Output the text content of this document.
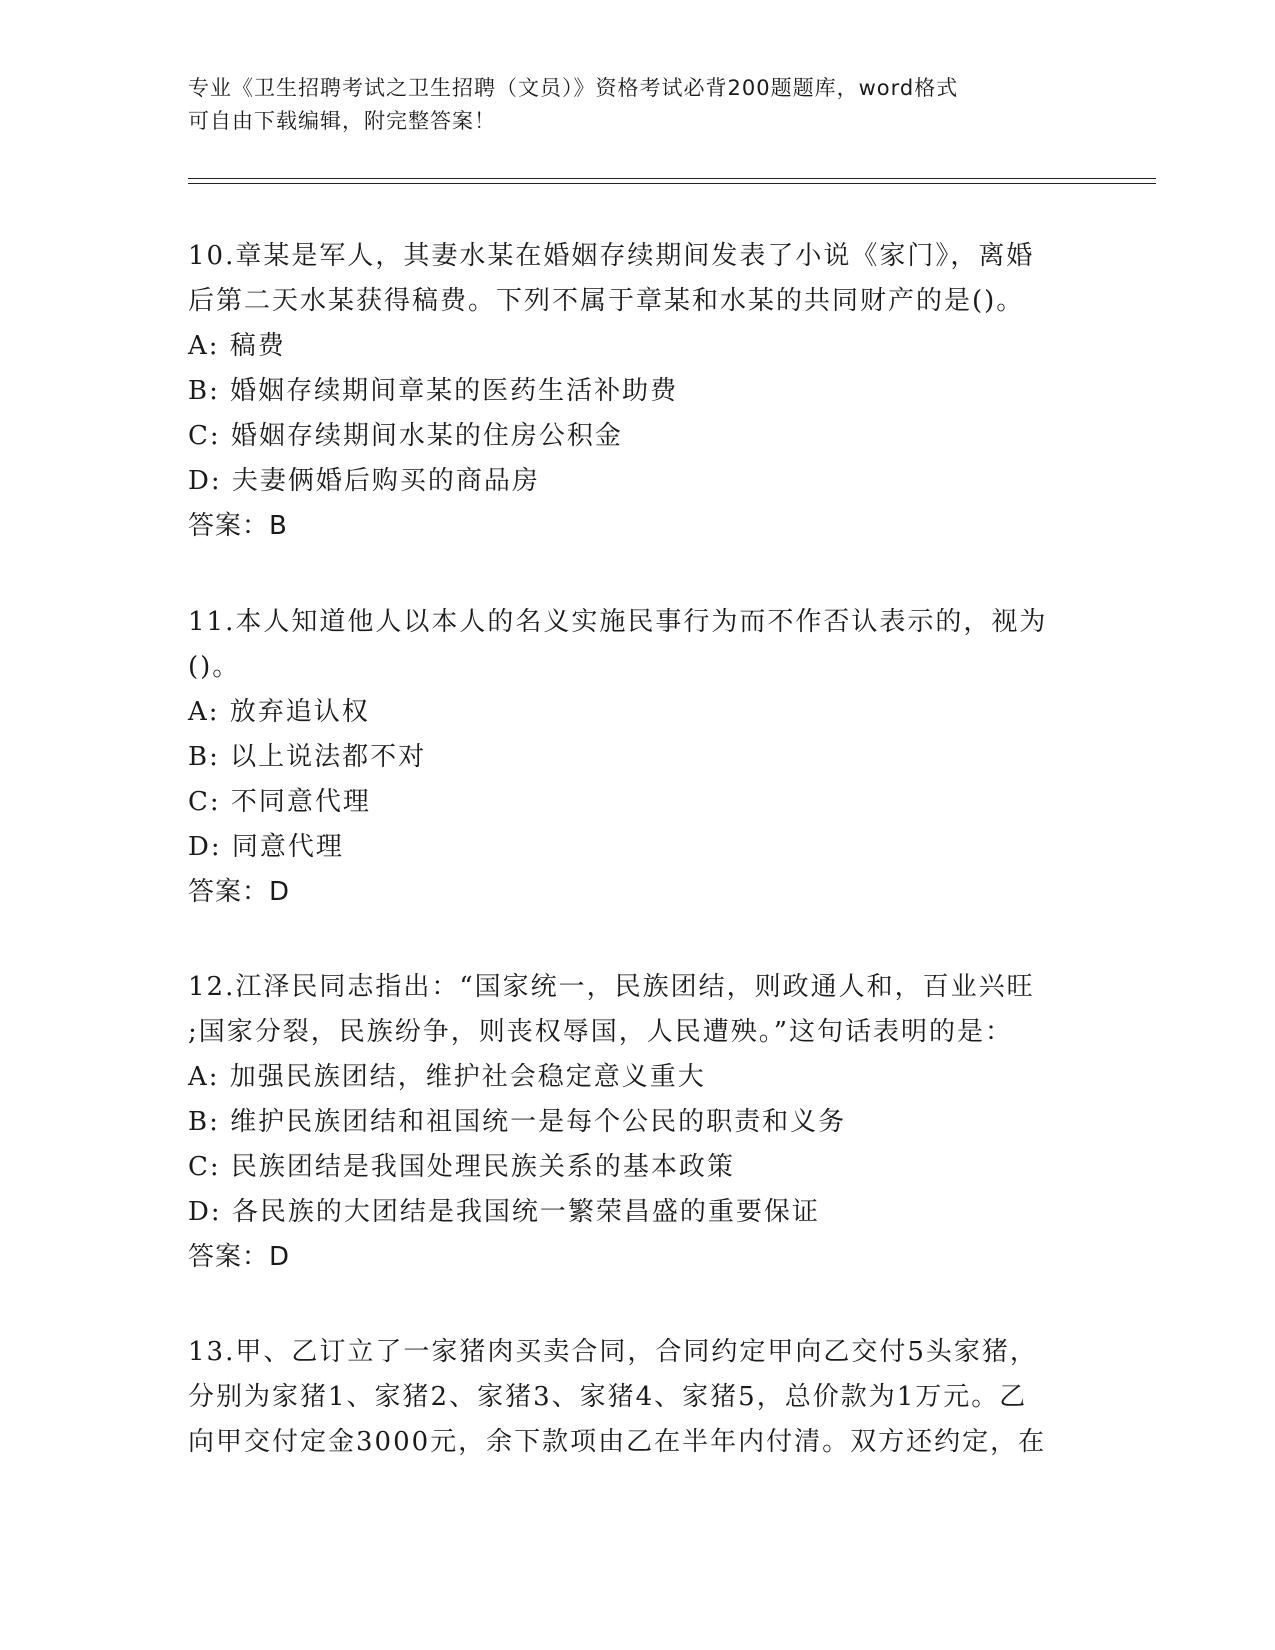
专业《卫生招聘考试之卫生招聘（文员）》资格考试必背200题题库，word格式
可自由下载编辑，附完整答案！

10.章某是军人，其妻水某在婚姻存续期间发表了小说《家门》，离婚

后第二天水某获得稿费。下列不属于章某和水某的共同财产的是()。

A: 稿费

B: 婚姻存续期间章某的医药生活补助费

C: 婚姻存续期间水某的住房公积金

D: 夫妻俩婚后购买的商品房

答案：B

11.本人知道他人以本人的名义实施民事行为而不作否认表示的，视为

()。

A: 放弃追认权

B: 以上说法都不对

C: 不同意代理

D: 同意代理

答案：D

12.江泽民同志指出：“国家统一，民族团结，则政通人和，百业兴旺

;国家分裂，民族纷争，则丧权辱国，人民遭殃。”这句话表明的是：

A: 加强民族团结，维护社会稳定意义重大

B: 维护民族团结和祖国统一是每个公民的职责和义务

C: 民族团结是我国处理民族关系的基本政策

D: 各民族的大团结是我国统一繁荣昌盛的重要保证

答案：D

13.甲、乙订立了一家猪肉买卖合同，合同约定甲向乙交付5头家猪，

分别为家猪1、家猪2、家猪3、家猪4、家猪5，总价款为1万元。乙

向甲交付定金3000元，余下款项由乙在半年内付清。双方还约定，在
